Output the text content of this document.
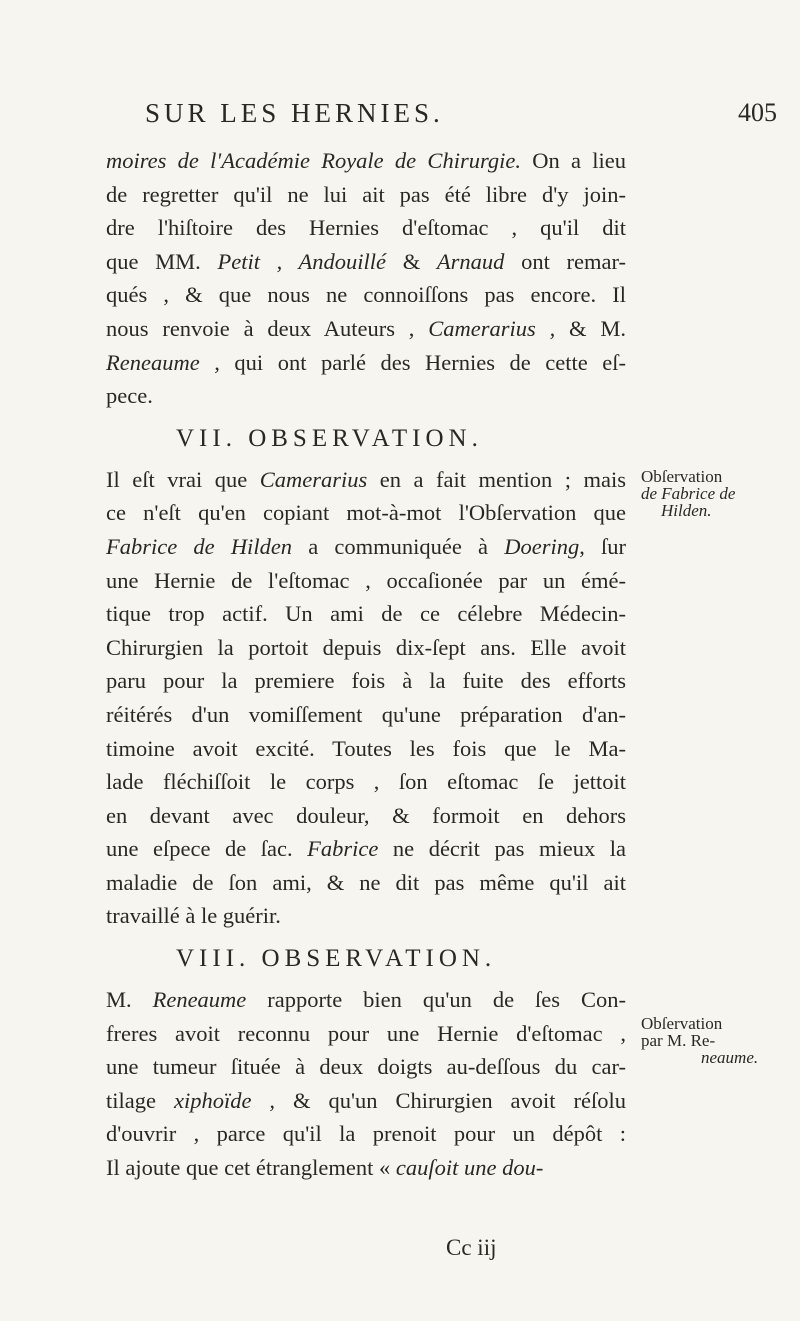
SUR LES HERNIES.	405
moires de l'Académie Royale de Chirurgie. On a lieu
de regretter qu'il ne lui ait pas été libre d'y join-
dre l'hiſtoire des Hernies d'eſtomac , qu'il dit
que MM. Petit , Andouillé & Arnaud ont remar-
qués , & que nous ne connoiſſons pas encore. Il
nous renvoie à deux Auteurs , Camerarius , & M.
Reneaume , qui ont parlé des Hernies de cette eſ-
pece.
VII. OBSERVATION.
Il eſt vrai que Camerarius en a fait mention ; mais
ce n'eſt qu'en copiant mot-à-mot l'Obſervation que
Fabrice de Hilden a communiquée à Doering, ſur
une Hernie de l'eſtomac , occaſionée par un émé-
tique trop actif. Un ami de ce célebre Médecin-
Chirurgien la portoit depuis dix-ſept ans. Elle avoit
paru pour la premiere fois à la fuite des efforts
réitérés d'un vomiſſement qu'une préparation d'an-
timoine avoit excité. Toutes les fois que le Ma-
lade fléchiſſoit le corps , ſon eſtomac ſe jettoit
en devant avec douleur, & formoit en dehors
une eſpece de ſac. Fabrice ne décrit pas mieux la
maladie de ſon ami, & ne dit pas même qu'il ait
travaillé à le guérir.
VIII. OBSERVATION.
M. Reneaume rapporte bien qu'un de ſes Con-
freres avoit reconnu pour une Hernie d'eſtomac ,
une tumeur ſituée à deux doigts au-deſſous du car-
tilage xiphoïde , & qu'un Chirurgien avoit réſolu
d'ouvrir , parce qu'il la prenoit pour un dépôt :
Il ajoute que cet étranglement « cauſoit une dou-
Obſervation
de Fabrice de
Hilden.
Obſervation
par M. Re-
neaume.
Cc iij
